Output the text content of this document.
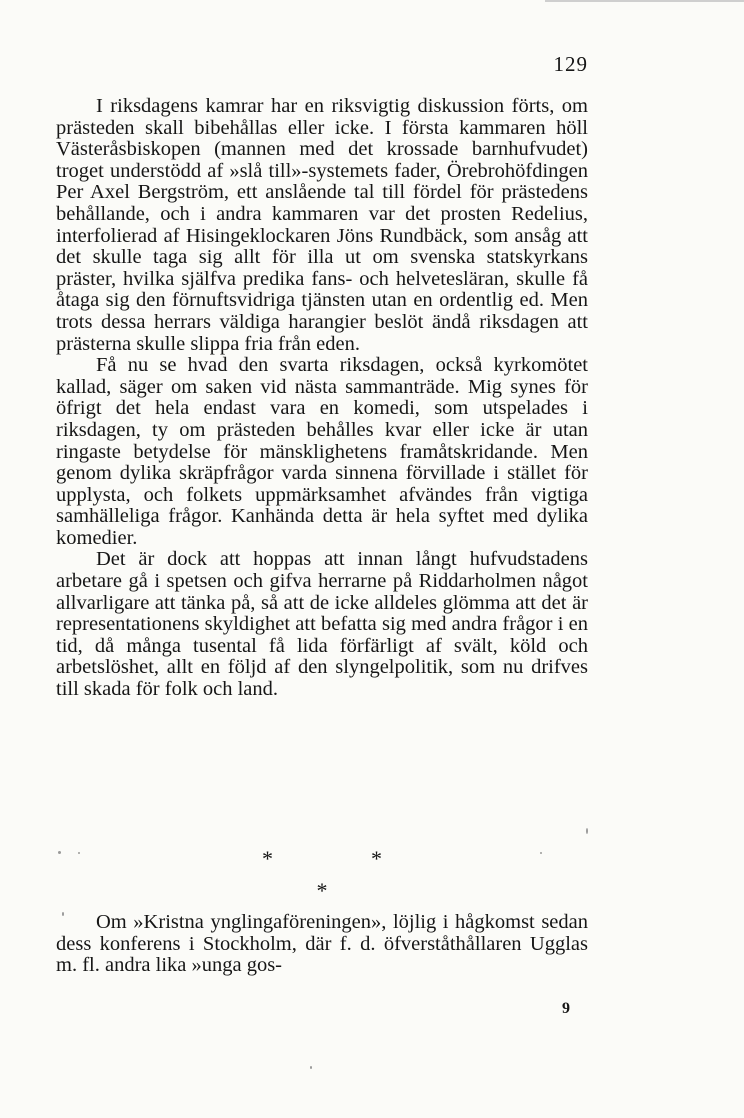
129

I riksdagens kamrar har en riksvigtig diskussion förts, om prästeden skall bibehållas eller icke. I första kammaren höll Västeråsbiskopen (mannen med det krossade barnhufvudet) troget understödd af »slå till»-systemets fader, Örebrohöfdingen Per Axel Bergström, ett anslående tal till fördel för prästedens behållande, och i andra kammaren var det prosten Redelius, interfolierad af Hisingeklockaren Jöns Rundbäck, som ansåg att det skulle taga sig allt för illa ut om svenska statskyrkans präster, hvilka själfva predika fans- och helvetesläran, skulle få åtaga sig den förnuftsvidriga tjänsten utan en ordentlig ed. Men trots dessa herrars väldiga harangier beslöt ändå riksdagen att prästerna skulle slippa fria från eden.

Få nu se hvad den svarta riksdagen, också kyrkomötet kallad, säger om saken vid nästa sammanträde. Mig synes för öfrigt det hela endast vara en komedi, som utspelades i riksdagen, ty om prästeden behålles kvar eller icke är utan ringaste betydelse för mänsklighetens framåtskridande. Men genom dylika skräpfrågor varda sinnena förvillade i stället för upplysta, och folkets uppmärksamhet afvändes från vigtiga samhälleliga frågor. Kanhända detta är hela syftet med dylika komedier.

Det är dock att hoppas att innan långt hufvudstadens arbetare gå i spetsen och gifva herrarne på Riddarholmen något allvarligare att tänka på, så att de icke alldeles glömma att det är representationens skyldighet att befatta sig med andra frågor i en tid, då många tusental få lida förfärligt af svält, köld och arbetslöshet, allt en följd af den slyngelpolitik, som nu drifves till skada för folk och land.

*	*
*

Om »Kristna ynglingaföreningen», löjlig i hågkomst sedan dess konferens i Stockholm, där f. d. öfverståthållaren Ugglas m. fl. andra lika »unga gos-

9
